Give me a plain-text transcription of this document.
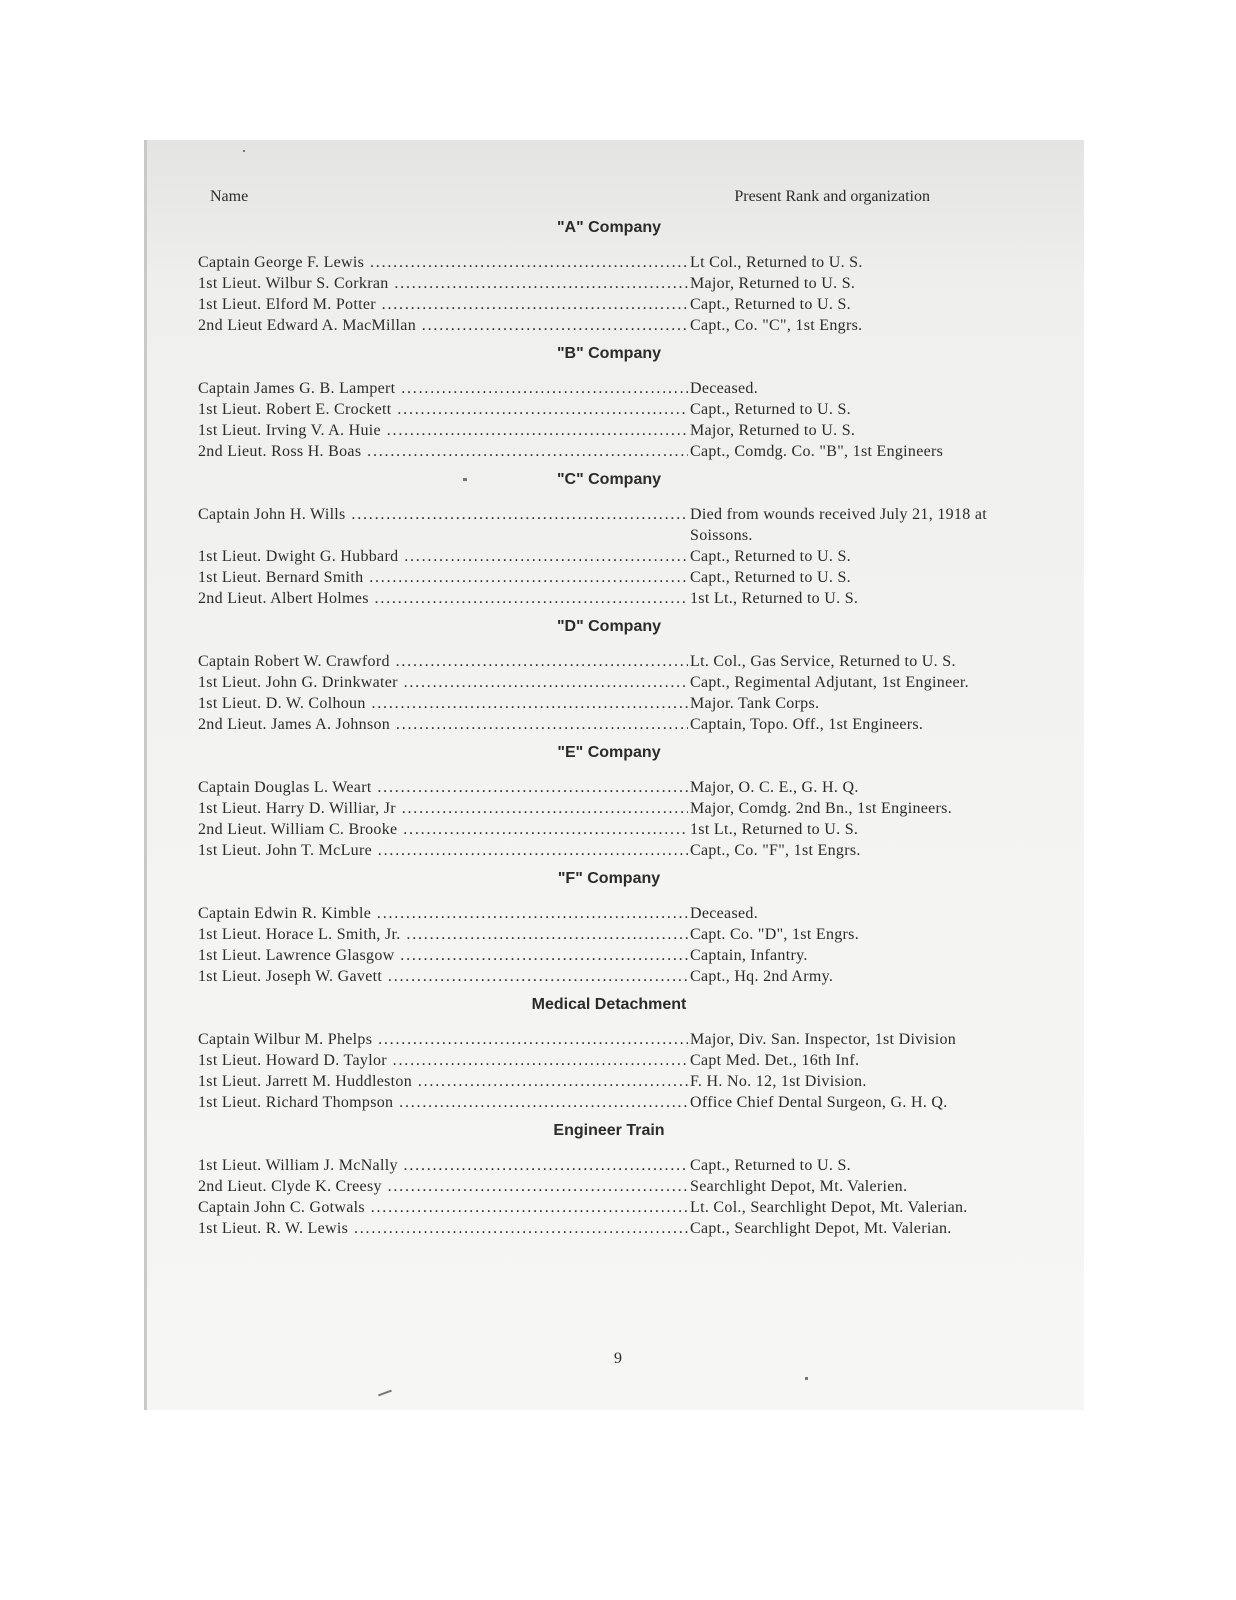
Name	Present Rank and organization
"A" Company
Captain George F. Lewis .....	Lt Col., Returned to U. S.
1st Lieut. Wilbur S. Corkran .....	Major, Returned to U. S.
1st Lieut. Elford M. Potter .....	Capt., Returned to U. S.
2nd Lieut Edward A. MacMillan .....	Capt., Co. "C", 1st Engrs.
"B" Company
Captain James G. B. Lampert .....	Deceased.
1st Lieut. Robert E. Crockett .....	Capt., Returned to U. S.
1st Lieut. Irving V. A. Huie .....	Major, Returned to U. S.
2nd Lieut. Ross H. Boas .....	Capt., Comdg. Co. "B", 1st Engineers
"C" Company
Captain John H. Wills .....	Died from wounds received July 21, 1918 at Soissons.
1st Lieut. Dwight G. Hubbard .....	Capt., Returned to U. S.
1st Lieut. Bernard Smith .....	Capt., Returned to U. S.
2nd Lieut. Albert Holmes .....	1st Lt., Returned to U. S.
"D" Company
Captain Robert W. Crawford .....	Lt. Col., Gas Service, Returned to U. S.
1st Lieut. John G. Drinkwater .....	Capt., Regimental Adjutant, 1st Engineer.
1st Lieut. D. W. Colhoun .....	Major. Tank Corps.
2nd Lieut. James A. Johnson .....	Captain, Topo. Off., 1st Engineers.
"E" Company
Captain Douglas L. Weart .....	Major, O. C. E., G. H. Q.
1st Lieut. Harry D. Williar, Jr .....	Major, Comdg. 2nd Bn., 1st Engineers.
2nd Lieut. William C. Brooke .....	1st Lt., Returned to U. S.
1st Lieut. John T. McLure .....	Capt., Co. "F", 1st Engrs.
"F" Company
Captain Edwin R. Kimble .....	Deceased.
1st Lieut. Horace L. Smith, Jr. .....	Capt. Co. "D", 1st Engrs.
1st Lieut. Lawrence Glasgow .....	Captain, Infantry.
1st Lieut. Joseph W. Gavett .....	Capt., Hq. 2nd Army.
Medical Detachment
Captain Wilbur M. Phelps .....	Major, Div. San. Inspector, 1st Division
1st Lieut. Howard D. Taylor .....	Capt Med. Det., 16th Inf.
1st Lieut. Jarrett M. Huddleston .....	F. H. No. 12, 1st Division.
1st Lieut. Richard Thompson .....	Office Chief Dental Surgeon, G. H. Q.
Engineer Train
1st Lieut. William J. McNally .....	Capt., Returned to U. S.
2nd Lieut. Clyde K. Creesy .....	Searchlight Depot, Mt. Valerien.
Captain John C. Gotwals .....	Lt. Col., Searchlight Depot, Mt. Valerian.
1st Lieut. R. W. Lewis .....	Capt., Searchlight Depot, Mt. Valerian.
9
